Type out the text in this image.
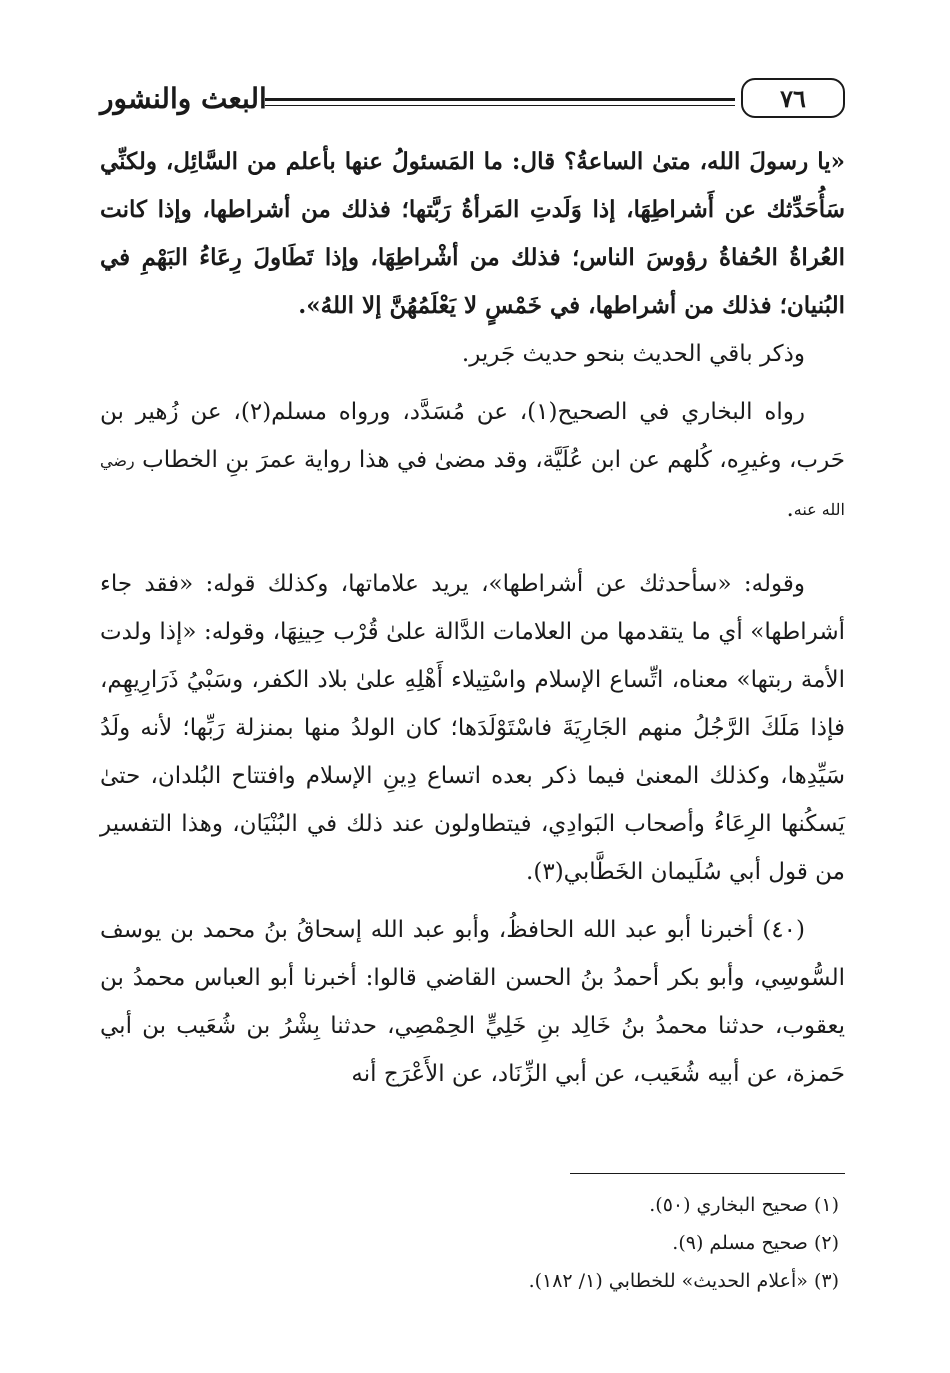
البعث والنشور	٧٦

«يا رسولَ الله، متىٰ الساعةُ؟ قال: ما المَسئولُ عنها بأعلم من السَّائِل، ولكنِّي سَأُحَدِّثك عن أَشراطِهَا، إذا وَلَدتِ المَرأةُ رَبَّتها؛ فذلك من أشراطها، وإذا كانت العُراةُ الحُفاةُ رؤوسَ الناس؛ فذلك من أشْراطِهَا، وإذا تَطَاولَ رِعَاءُ البَهْمِ في البُنيان؛ فذلك من أشراطها، في خَمْسٍ لا يَعْلَمُهُنَّ إلا اللهُ».

وذكر باقي الحديث بنحو حديث جَرير.

رواه البخاري في الصحيح(١)، عن مُسَدَّد، ورواه مسلم(٢)، عن زُهير بن حَرب، وغيرِه، كُلهم عن ابن عُلَيَّة، وقد مضىٰ في هذا رواية عمرَ بنِ الخطاب رضي الله عنه.

وقوله: «سأحدثك عن أشراطها»، يريد علاماتها، وكذلك قوله: «فقد جاء أشراطها» أي ما يتقدمها من العلامات الدَّالة علىٰ قُرْب حِينِهَا، وقوله: «إذا ولدت الأمة ربتها» معناه، اتِّساع الإسلام واسْتِيلاء أَهْلِهِ علىٰ بلاد الكفر، وسَبْيُ ذَرَارِيهِم، فإذا مَلَكَ الرَّجُلُ منهم الجَارِيَةَ فاسْتَوْلَدَها؛ كان الولدُ منها بمنزلة رَبِّها؛ لأنه ولَدُ سَيِّدِها، وكذلك المعنىٰ فيما ذكر بعده اتساع دِينِ الإسلام وافتتاح البُلدان، حتىٰ يَسكُنها الرِعَاءُ وأصحاب البَوادِي، فيتطاولون عند ذلك في البُنْيَان، وهذا التفسير من قول أبي سُلَيمان الخَطَّابي(٣).

(٤٠) أخبرنا أبو عبد الله الحافظُ، وأبو عبد الله إسحاقُ بنُ محمد بن يوسف السُّوسِي، وأبو بكر أحمدُ بنُ الحسن القاضي قالوا: أخبرنا أبو العباس محمدُ بن يعقوب، حدثنا محمدُ بنُ خَالِد بنِ خَلِيٍّ الحِمْصِي، حدثنا بِشْرُ بن شُعَيب بن أبي حَمزة، عن أبيه شُعَيب، عن أبي الزِّنَاد، عن الأَعْرَج أنه

(١) صحيح البخاري (٥٠).

(٢) صحيح مسلم (٩).

(٣) «أعلام الحديث» للخطابي (١/ ١٨٢).
